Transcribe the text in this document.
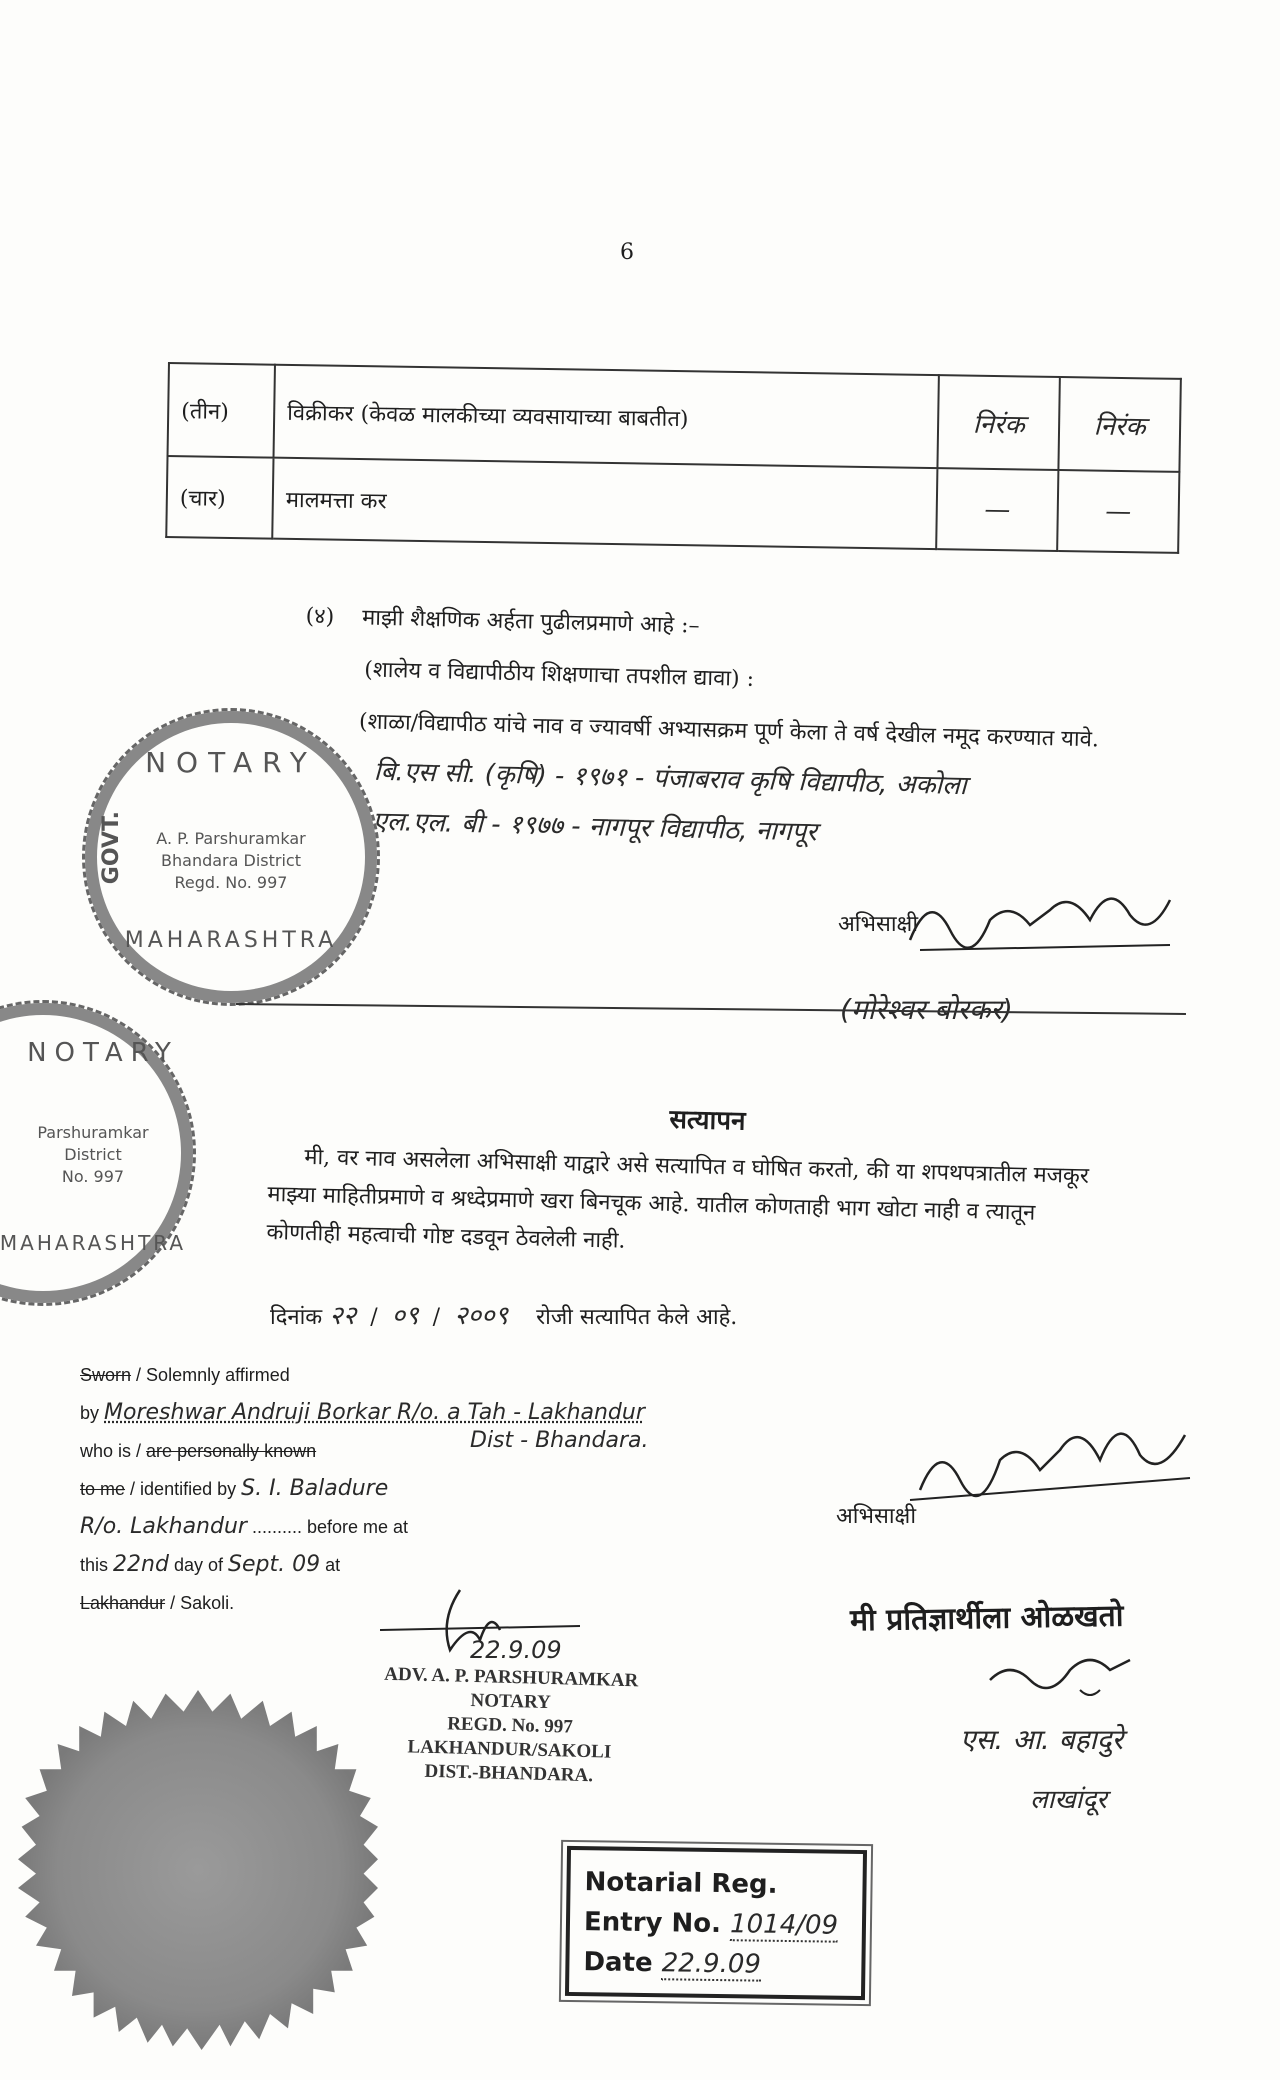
6
(तीन)	विक्रीकर (केवळ मालकीच्या व्यवसायाच्या बाबतीत)	निरंक	निरंक
(चार)	मालमत्ता कर	—	—
(४) माझी शैक्षणिक अर्हता पुढीलप्रमाणे आहे :–
(शालेय व विद्यापीठीय शिक्षणाचा तपशील द्यावा) :
(शाळा/विद्यापीठ यांचे नाव व ज्यावर्षी अभ्यासक्रम पूर्ण केला ते वर्ष देखील नमूद करण्यात यावे.
बि.एस सी. (कृषि) - १९७१ - पंजाबराव कृषि विद्यापीठ, अकोला
एल.एल. बी - १९७७ - नागपूर विद्यापीठ, नागपूर
अभिसाक्षी
(मोरेश्वर बोरकर)
NOTARY
A. P. Parshuramkar
Bhandara District
Regd. No. 997
MAHARASHTRA
GOVT.
NOTARY
Parshuramkar
District
No. 997
MAHARASHTRA
सत्यापन
मी, वर नाव असलेला अभिसाक्षी याद्वारे असे सत्यापित व घोषित करतो, की या शपथपत्रातील मजकूर
माझ्या माहितीप्रमाणे व श्रध्देप्रमाणे खरा बिनचूक आहे. यातील कोणताही भाग खोटा नाही व त्यातून
कोणतीही महत्वाची गोष्ट दडवून ठेवलेली नाही.
दिनांक २२  /  ०९  /  २००९ रोजी सत्यापित केले आहे.
Sworn / Solemnly affirmed
by Moreshwar Andruji Borkar R/o. a Tah - Lakhandur
who is / are personally known	Dist - Bhandara.
to me / identified by S. I. Baladure
R/o. Lakhandur .......... before me at
this 22nd day of Sept. 09 at
Lakhandur / Sakoli.
अभिसाक्षी
मी प्रतिज्ञार्थीला ओळखतो
एस. आ. बहादुरे
लाखांदूर
22.9.09
ADV. A. P. PARSHURAMKAR
NOTARY
REGD. No. 997
LAKHANDUR/SAKOLI
DIST.-BHANDARA.
Notarial Reg.
Entry No. 1014/09
Date 22.9.09
